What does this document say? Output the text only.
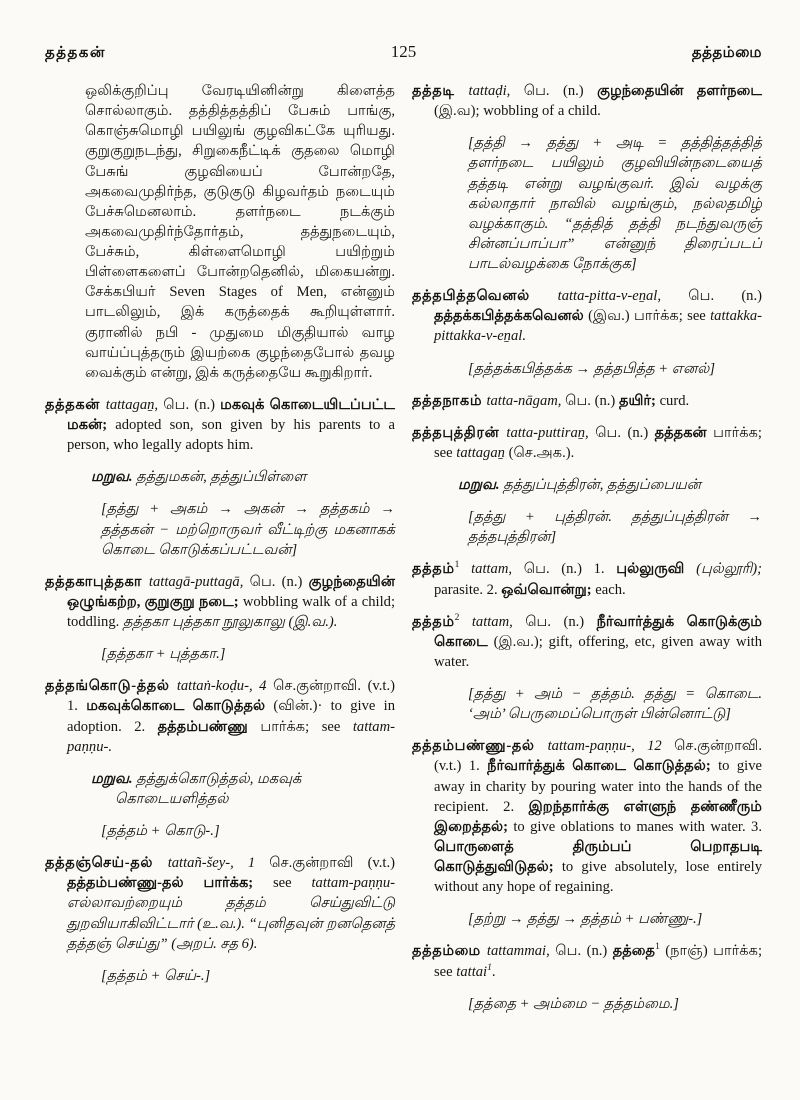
தத்தகன்	125	தத்தம்மை
ஒலிக்குறிப்பு வேரடியினின்று கிளைத்த சொல்லாகும். தத்தித்தத்திப் பேசும் பாங்கு, கொஞ்சுமொழி பயிலுங் குழவிகட்கே யுரியது. குறுகுறுநடந்து, சிறுகைநீட்டிக் குதலை மொழி பேசுங் குழவியைப் போன்றதே, அகவைமுதிர்ந்த, குடுகுடு கிழவர்தம் நடையும் பேச்சுமெனலாம். தளர்நடை நடக்கும் அகவைமுதிர்ந்தோர்தம், தத்துநடையும், பேச்சும், கிள்ளைமொழி பயிற்றும் பிள்ளைகளைப் போன்றதெனில், மிகையன்று. சேக்கபியர் Seven Stages of Men, என்னும் பாடலிலும், இக் கருத்தைக் கூறியுள்ளார். குரானில் நபி - முதுமை மிகுதியால் வாழ வாய்ப்புத்தரும் இயற்கை குழந்தைபோல் தவழ வைக்கும் என்று, இக் கருத்தையே கூறுகிறார்.
தத்தகன் tattagaṉ, பெ. (n.) மகவுக் கொடையிடப்பட்ட மகன்; adopted son, son given by his parents to a person, who legally adopts him.
மறுவ. தத்துமகன், தத்துப்பிள்ளை
[தத்து + அகம் → அகன் → தத்தகம் → தத்தகன் − மற்றொருவர் வீட்டிற்கு மகனாகக் கொடை கொடுக்கப்பட்டவன்]
தத்தகாபுத்தகா tattagā-puttagā, பெ. (n.) குழந்தையின் ஒழுங்கற்ற, குறுகுறு நடை; wobbling walk of a child; toddling. தத்தகா புத்தகா நூலுகாலு (இ.வ.).
[தத்தகா + புத்தகா.]
தத்தங்கொடு-த்தல் tattaṅ-koḍu-, 4 செ.குன்றாவி. (v.t.) 1. மகவுக்கொடை கொடுத்தல் (வின்.)· to give in adoption. 2. தத்தம்பண்ணு பார்க்க; see tattam-paṇṇu-.
மறுவ. தத்துக்கொடுத்தல், மகவுக் கொடையளித்தல்
[தத்தம் + கொடு-.]
தத்தஞ்செய்-தல் tattañ-šey-, 1 செ.குன்றாவி (v.t.) தத்தம்பண்ணு-தல் பார்க்க; see tattam-paṇṇu- எல்லாவற்றையும் தத்தம் செய்துவிட்டு துறவியாகிவிட்டார் (உ.வ.). “புனிதவுன் றனதெனத் தத்தஞ் செய்து” (அறப். சத 6).
[தத்தம் + செய்-.]
தத்தடி tattaḍi, பெ. (n.) குழந்தையின் தளர்நடை (இ.வ); wobbling of a child.
[தத்தி → தத்து + அடி = தத்தித்தத்தித் தளர்நடை பயிலும் குழவியின்நடையைத் தத்தடி என்று வழங்குவர். இவ் வழக்கு கல்லாதார் நாவில் வழங்கும், நல்லதமிழ் வழக்காகும். “தத்தித் தத்தி நடந்துவருஞ் சின்னப்பாப்பா” என்னுந் திரைப்படப் பாடல்வழக்கை நோக்குக]
தத்தபித்தவெனல் tatta-pitta-v-eṉal, பெ. (n.) தத்தக்கபித்தக்கவெனல் (இவ.) பார்க்க; see tattakka-pittakka-v-eṉal.
[தத்தக்கபித்தக்க → தத்தபித்த + எனல்]
தத்தநாகம் tatta-nāgam, பெ. (n.) தயிர்; curd.
தத்தபுத்திரன் tatta-puttiraṉ, பெ. (n.) தத்தகன் பார்க்க; see tattagaṉ (செ.அக.).
மறுவ. தத்துப்புத்திரன், தத்துப்பையன்
[தத்து + புத்திரன். தத்துப்புத்திரன் → தத்தபுத்திரன்]
தத்தம்$^1$ tattam, பெ. (n.) 1. புல்லுருவி (புல்லூரி); parasite. 2. ஒவ்வொன்று; each.
தத்தம்$^2$ tattam, பெ. (n.) நீர்வார்த்துக் கொடுக்கும் கொடை (இ.வ.); gift, offering, etc, given away with water.
[தத்து + அம் − தத்தம். தத்து = கொடை. ‘அம்’ பெருமைப்பொருள் பின்னொட்டு]
தத்தம்பண்ணு-தல் tattam-paṇṇu-, 12 செ.குன்றாவி. (v.t.) 1. நீர்வார்த்துக் கொடை கொடுத்தல்; to give away in charity by pouring water into the hands of the recipient. 2. இறந்தார்க்கு எள்ளுந் தண்ணீரும் இறைத்தல்; to give oblations to manes with water. 3. பொருளைத் திரும்பப் பெறாதபடி கொடுத்துவிடுதல்; to give absolutely, lose entirely without any hope of regaining.
[தற்று → தத்து → தத்தம் + பண்ணு-.]
தத்தம்மை tattammai, பெ. (n.) தத்தை$^1$ (நாஞ்) பார்க்க; see tattai$^1$.
[தத்தை + அம்மை − தத்தம்மை.]
